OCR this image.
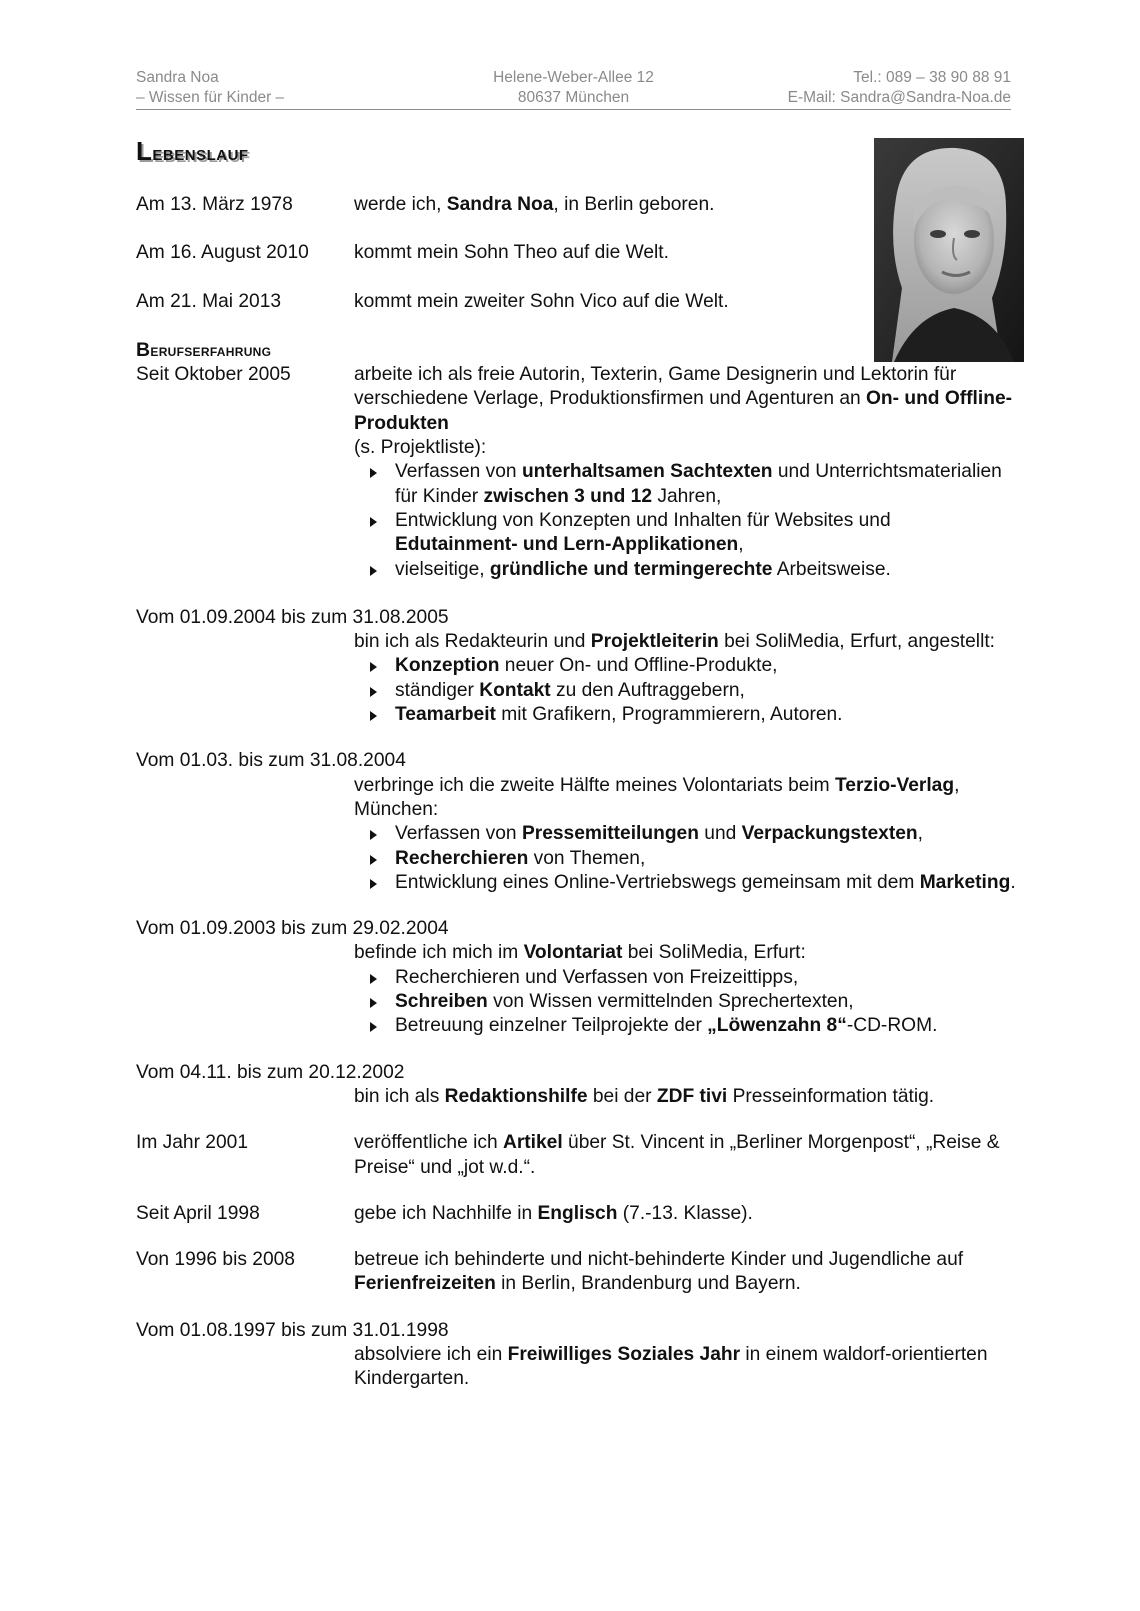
Sandra Noa
– Wissen für Kinder –
Helene-Weber-Allee 12
80637 München
Tel.: 089 – 38 90 88 91
E-Mail: Sandra@Sandra-Noa.de
Lebenslauf
Am 13. März 1978	werde ich, Sandra Noa, in Berlin geboren.
Am 16. August 2010	kommt mein Sohn Theo auf die Welt.
Am 21. Mai 2013	kommt mein zweiter Sohn Vico auf die Welt.
Berufserfahrung
Seit Oktober 2005	arbeite ich als freie Autorin, Texterin, Game Designerin und Lektorin für verschiedene Verlage, Produktionsfirmen und Agenturen an On- und Offline-Produkten
(s. Projektliste):
Verfassen von unterhaltsamen Sachtexten und Unterrichtsmaterialien für Kinder zwischen 3 und 12 Jahren,
Entwicklung von Konzepten und Inhalten für Websites und Edutainment- und Lern-Applikationen,
vielseitige, gründliche und termingerechte Arbeitsweise.
Vom 01.09.2004 bis zum 31.08.2005
bin ich als Redakteurin und Projektleiterin bei SoliMedia, Erfurt, angestellt:
Konzeption neuer On- und Offline-Produkte,
ständiger Kontakt zu den Auftraggebern,
Teamarbeit mit Grafikern, Programmierern, Autoren.
Vom 01.03. bis zum 31.08.2004
verbringe ich die zweite Hälfte meines Volontariats beim Terzio-Verlag, München:
Verfassen von Pressemitteilungen und Verpackungstexten,
Recherchieren von Themen,
Entwicklung eines Online-Vertriebswegs gemeinsam mit dem Marketing.
Vom 01.09.2003 bis zum 29.02.2004
befinde ich mich im Volontariat bei SoliMedia, Erfurt:
Recherchieren und Verfassen von Freizeittipps,
Schreiben von Wissen vermittelnden Sprechertexten,
Betreuung einzelner Teilprojekte der „Löwenzahn 8“-CD-ROM.
Vom 04.11. bis zum 20.12.2002
bin ich als Redaktionshilfe bei der ZDF tivi Presseinformation tätig.
Im Jahr 2001	veröffentliche ich Artikel über St. Vincent in „Berliner Morgenpost“, „Reise & Preise“ und „jot w.d.“.
Seit April 1998	gebe ich Nachhilfe in Englisch (7.-13. Klasse).
Von 1996 bis 2008	betreue ich behinderte und nicht-behinderte Kinder und Jugendliche auf Ferienfreizeiten in Berlin, Brandenburg und Bayern.
Vom 01.08.1997 bis zum 31.01.1998
absolviere ich ein Freiwilliges Soziales Jahr in einem waldorf-orientierten Kindergarten.
